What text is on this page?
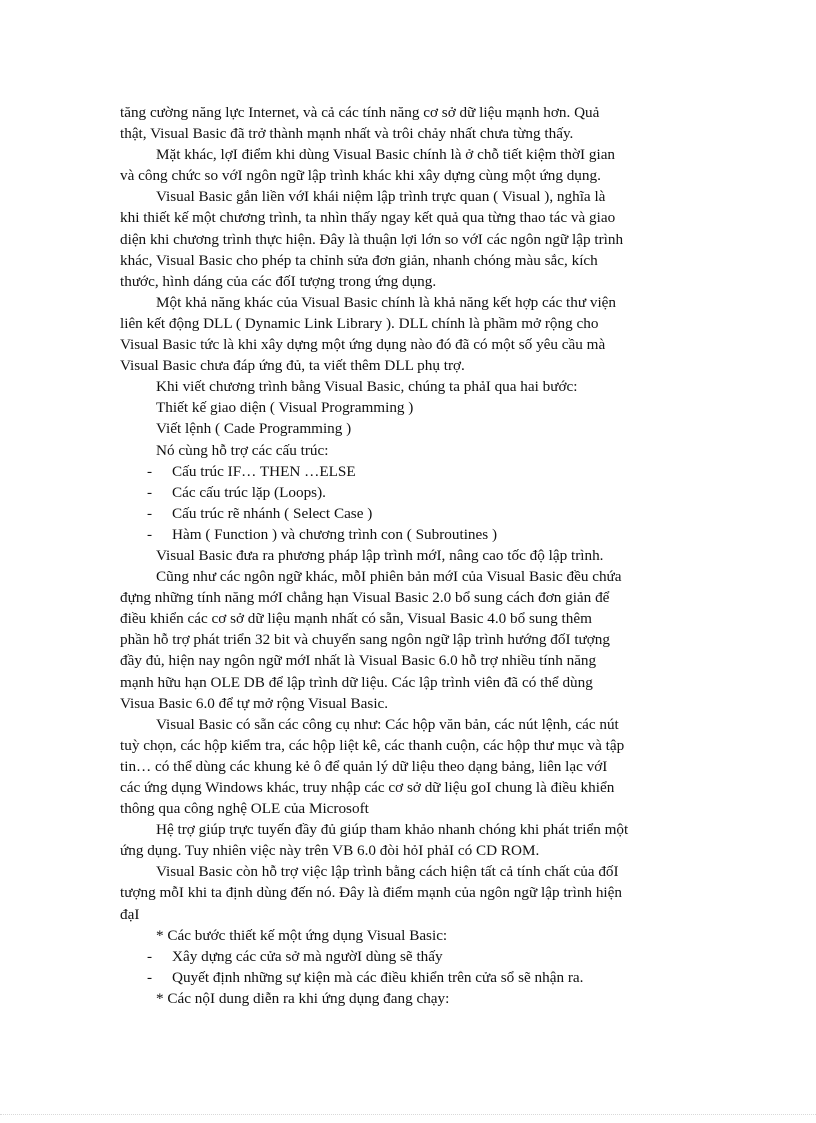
tăng cường năng lực Internet, và cả các tính năng cơ sở dữ liệu mạnh hơn. Quả
thật, Visual Basic đã trở thành mạnh nhất và trôi chảy nhất chưa từng thấy.
Mặt khác, lợI điểm khi dùng Visual Basic chính là ở chỗ tiết kiệm thờI gian
và công chức so vớI ngôn ngữ lập trình khác khi xây dựng cùng một ứng dụng.
Visual Basic gắn liền vớI khái niệm lập trình trực quan ( Visual ), nghĩa là
khi thiết kế một chương trình, ta nhìn thấy ngay kết quả qua từng thao tác và giao
diện khi chương trình thực hiện. Đây là thuận lợi lớn so vớI các ngôn ngữ lập trình
khác, Visual Basic cho phép ta chỉnh sửa đơn giản, nhanh chóng màu sắc, kích
thước, hình dáng của các đốI tượng trong ứng dụng.
Một khả năng khác của Visual Basic chính là khả năng kết hợp các thư viện
liên kết động DLL ( Dynamic Link Library ). DLL chính là phầm mở rộng cho
Visual Basic tức là khi xây dựng một ứng dụng nào đó đã có một số yêu cầu mà
Visual Basic chưa đáp ứng đủ, ta viết thêm DLL phụ trợ.
Khi viết chương trình bằng Visual Basic, chúng ta phảI qua hai bước:
Thiết kế giao diện ( Visual Programming )
Viết lệnh ( Cade Programming )
Nó cùng hỗ trợ các cấu trúc:
- Cấu trúc IF… THEN …ELSE
- Các cấu trúc lặp (Loops).
- Cấu trúc rẽ nhánh ( Select Case )
- Hàm ( Function ) và chương trình con ( Subroutines )
Visual Basic đưa ra phương pháp lập trình mớI, nâng cao tốc độ lập trình.
Cũng như các ngôn ngữ khác, mỗI phiên bản mớI của Visual Basic đều chứa
đựng những tính năng mớI chẳng hạn Visual Basic 2.0 bổ sung cách đơn giản để
điều khiển các cơ sở dữ liệu mạnh nhất có sẵn, Visual Basic 4.0 bổ sung thêm
phần hỗ trợ phát triển 32 bit và chuyển sang ngôn ngữ lập trình hướng đốI tượng
đầy đủ, hiện nay ngôn ngữ mớI nhất là Visual Basic 6.0 hỗ trợ nhiều tính năng
mạnh hữu hạn OLE DB để lập trình dữ liệu. Các lập trình viên đã có thể dùng
Visua Basic 6.0 để tự mở rộng Visual Basic.
Visual Basic có sẵn các công cụ như: Các hộp văn bản, các nút lệnh, các nút
tuỳ chọn, các hộp kiểm tra, các hộp liệt kê, các thanh cuộn, các hộp thư mục và tập
tin… có thể dùng các khung kẻ ô để quản lý dữ liệu theo dạng bảng, liên lạc vớI
các ứng dụng Windows khác, truy nhập các cơ sở dữ liệu goI chung là điều khiển
thông qua công nghệ OLE của Microsoft
Hệ trợ giúp trực tuyến đầy đủ giúp tham khảo nhanh chóng khi phát triển một
ứng dụng. Tuy nhiên việc này trên VB 6.0 đòi hỏI phảI có CD ROM.
Visual Basic còn hỗ trợ việc lập trình bằng cách hiện tất cả tính chất của đốI
tượng mỗI khi ta định dùng đến nó. Đây là điểm mạnh của ngôn ngữ lập trình hiện
đạI
* Các bước thiết kế một ứng dụng Visual Basic:
- Xây dựng các cửa sở mà ngườI dùng sẽ thấy
- Quyết định những sự kiện mà các điều khiển trên cửa sổ sẽ nhận ra.
* Các nộI dung diễn ra khi ứng dụng đang chạy:
